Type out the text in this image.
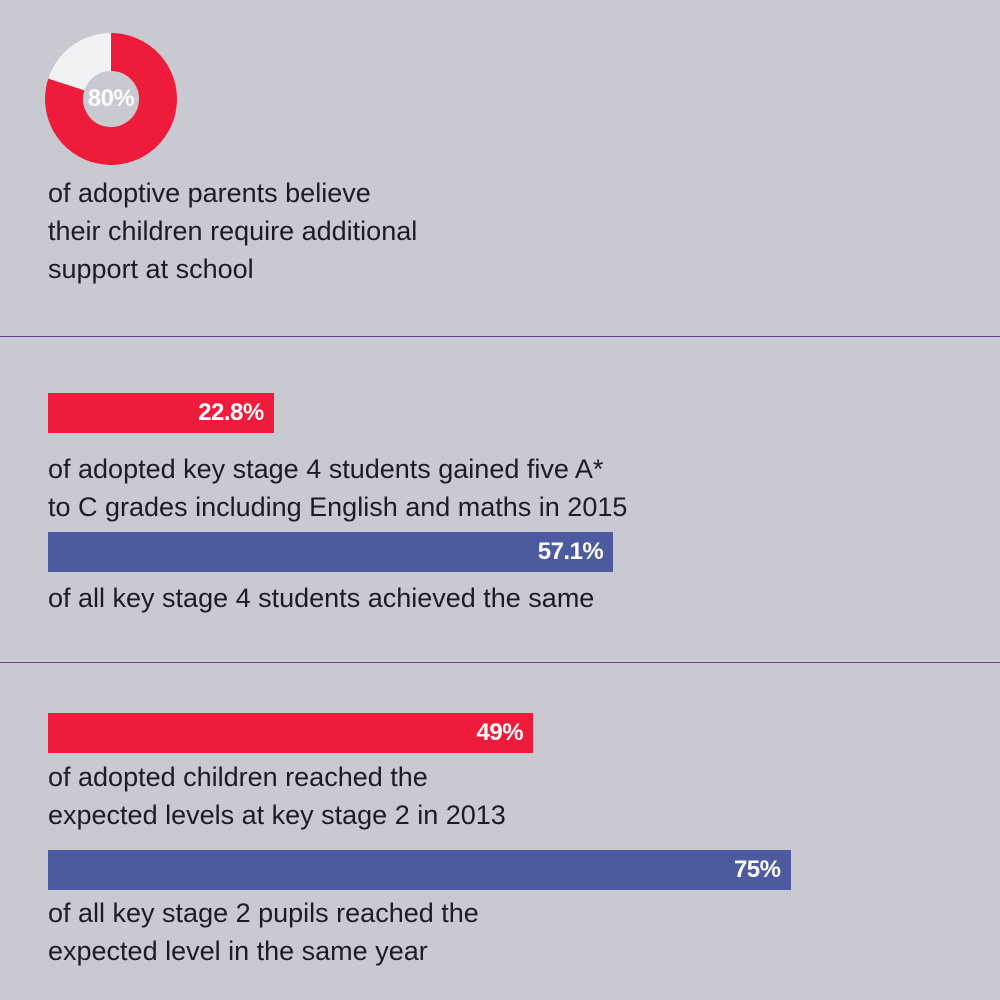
80%

of adoptive parents believe
their children require additional
support at school

22.8%

of adopted key stage 4 students gained five A*
to C grades including English and maths in 2015

57.1%

of all key stage 4 students achieved the same

49%

of adopted children reached the
expected levels at key stage 2 in 2013

75%

of all key stage 2 pupils reached the
expected level in the same year
